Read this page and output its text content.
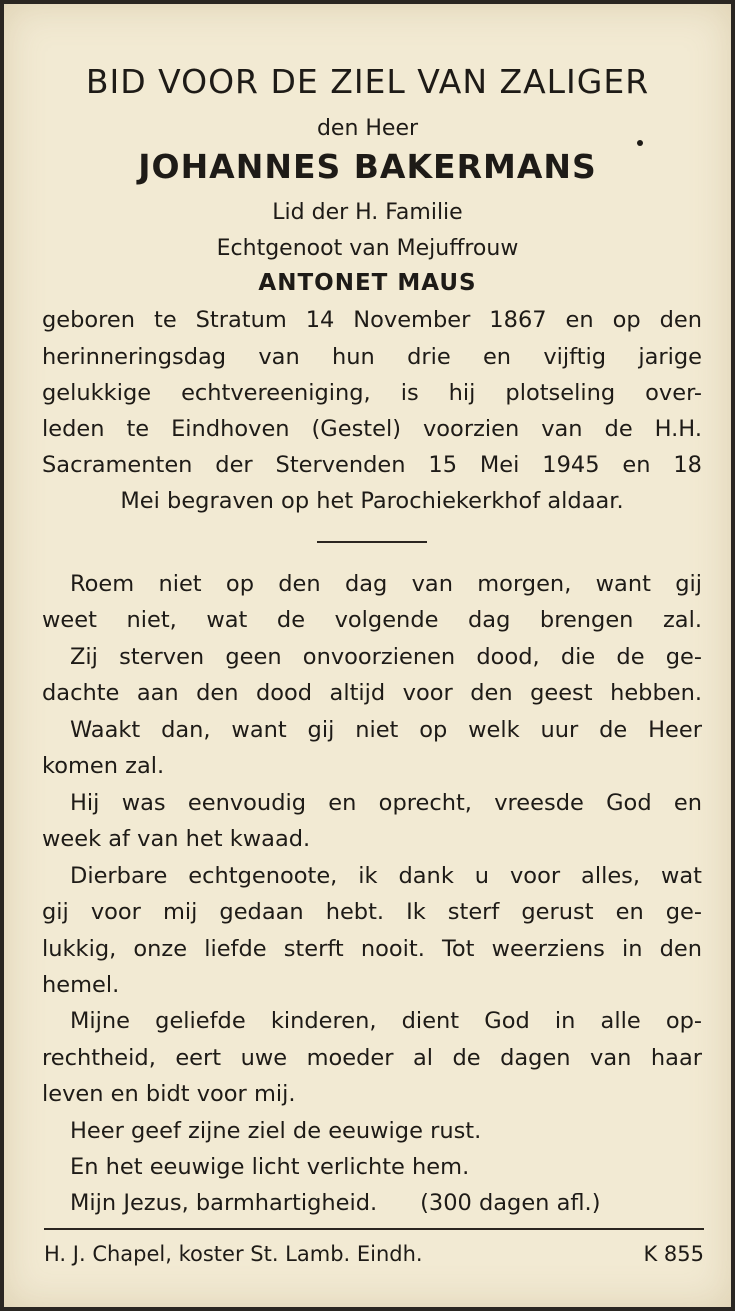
BID VOOR DE ZIEL VAN ZALIGER
den Heer
JOHANNES BAKERMANS
Lid der H. Familie
Echtgenoot van Mejuffrouw
ANTONET MAUS
geboren te Stratum 14 November 1867 en op den
herinneringsdag van hun drie en vijftig jarige
gelukkige echtvereeniging, is hij plotseling over-
leden te Eindhoven (Gestel) voorzien van de H.H.
Sacramenten der Stervenden 15 Mei 1945 en 18
Mei begraven op het Parochiekerkhof aldaar.
Roem niet op den dag van morgen, want gij
weet niet, wat de volgende dag brengen zal.
Zij sterven geen onvoorzienen dood, die de ge-
dachte aan den dood altijd voor den geest hebben.
Waakt dan, want gij niet op welk uur de Heer
komen zal.
Hij was eenvoudig en oprecht, vreesde God en
week af van het kwaad.
Dierbare echtgenoote, ik dank u voor alles, wat
gij voor mij gedaan hebt. Ik sterf gerust en ge-
lukkig, onze liefde sterft nooit. Tot weerziens in den
hemel.
Mijne geliefde kinderen, dient God in alle op-
rechtheid, eert uwe moeder al de dagen van haar
leven en bidt voor mij.
Heer geef zijne ziel de eeuwige rust.
En het eeuwige licht verlichte hem.
Mijn Jezus, barmhartigheid.      (300 dagen afl.)
H. J. Chapel, koster St. Lamb. Eindh.	K 855
